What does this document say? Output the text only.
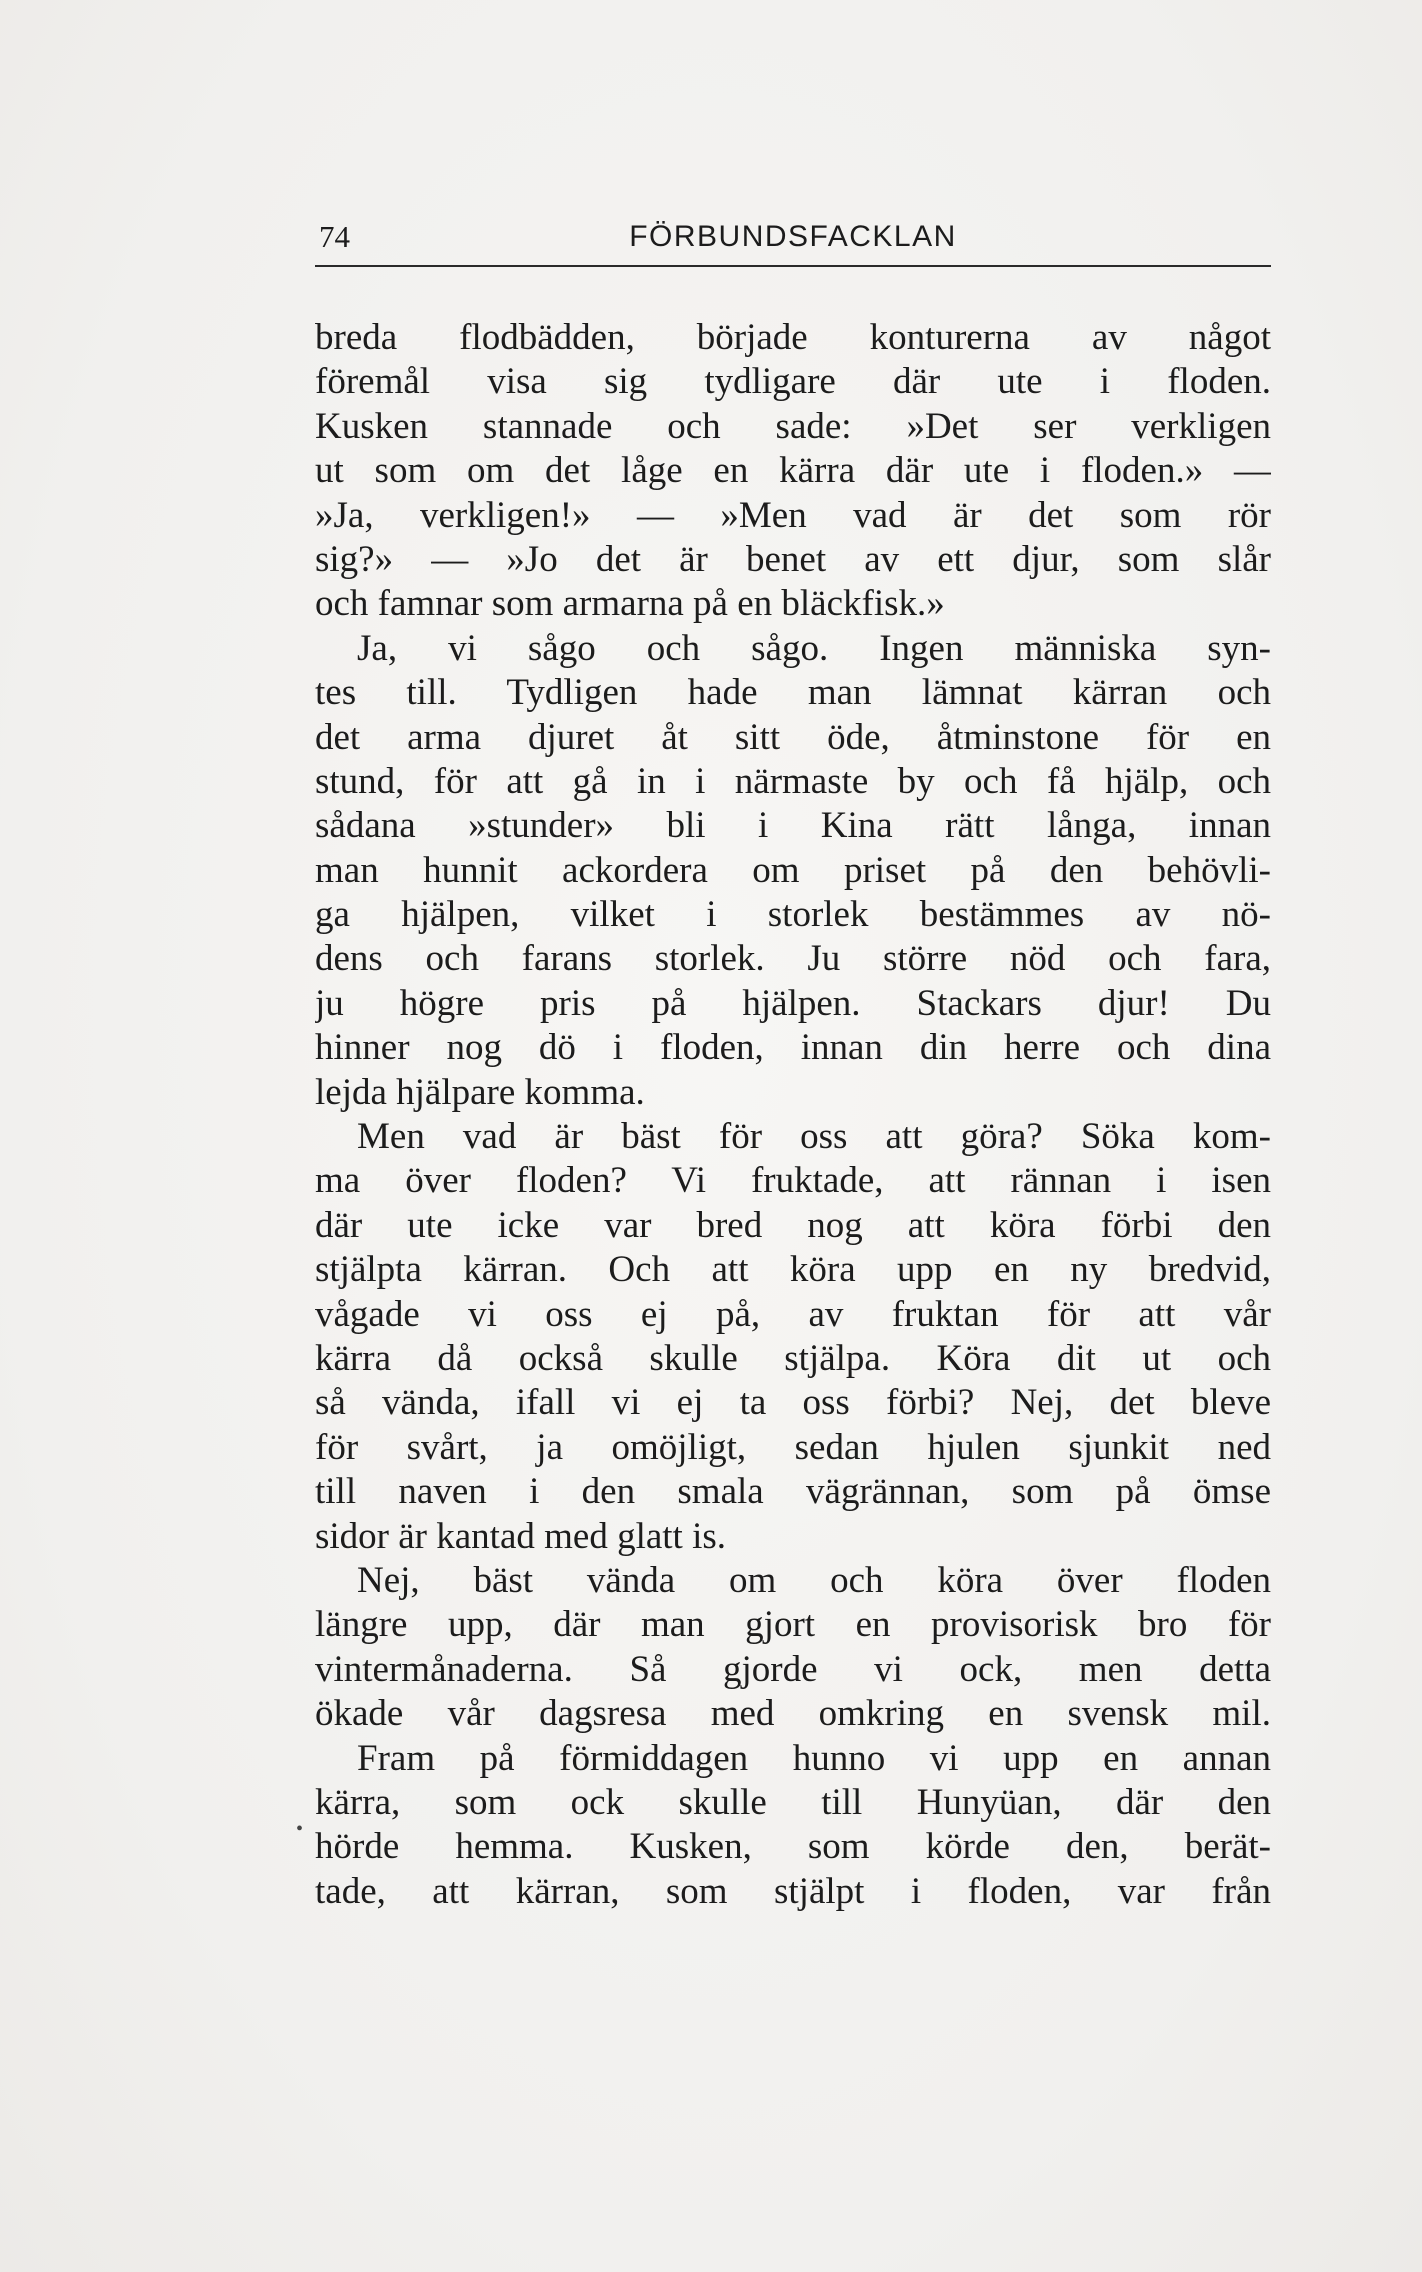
74	FÖRBUNDSFACKLAN
breda flodbädden, började konturerna av något
föremål visa sig tydligare där ute i floden.
Kusken stannade och sade: »Det ser verkligen
ut som om det låge en kärra där ute i floden.» —
»Ja, verkligen!» — »Men vad är det som rör
sig?» — »Jo det är benet av ett djur, som slår
och famnar som armarna på en bläckfisk.»
Ja, vi sågo och sågo. Ingen människa syn-
tes till. Tydligen hade man lämnat kärran och
det arma djuret åt sitt öde, åtminstone för en
stund, för att gå in i närmaste by och få hjälp, och
sådana »stunder» bli i Kina rätt långa, innan
man hunnit ackordera om priset på den behövli-
ga hjälpen, vilket i storlek bestämmes av nö-
dens och farans storlek. Ju större nöd och fara,
ju högre pris på hjälpen. Stackars djur! Du
hinner nog dö i floden, innan din herre och dina
lejda hjälpare komma.
Men vad är bäst för oss att göra? Söka kom-
ma över floden? Vi fruktade, att rännan i isen
där ute icke var bred nog att köra förbi den
stjälpta kärran. Och att köra upp en ny bredvid,
vågade vi oss ej på, av fruktan för att vår
kärra då också skulle stjälpa. Köra dit ut och
så vända, ifall vi ej ta oss förbi? Nej, det bleve
för svårt, ja omöjligt, sedan hjulen sjunkit ned
till naven i den smala vägrännan, som på ömse
sidor är kantad med glatt is.
Nej, bäst vända om och köra över floden
längre upp, där man gjort en provisorisk bro för
vintermånaderna. Så gjorde vi ock, men detta
ökade vår dagsresa med omkring en svensk mil.
Fram på förmiddagen hunno vi upp en annan
kärra, som ock skulle till Hunyüan, där den
hörde hemma. Kusken, som körde den, berät-
tade, att kärran, som stjälpt i floden, var från
•
